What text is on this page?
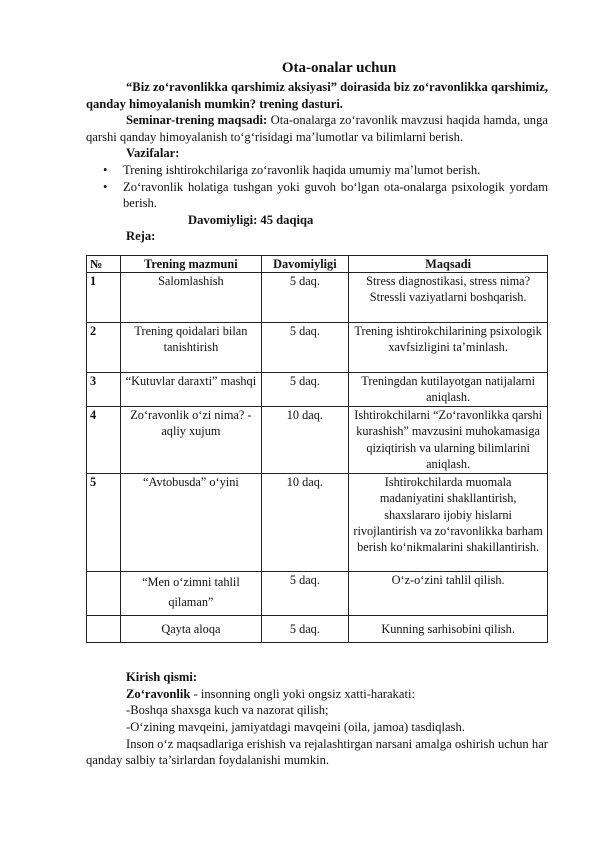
Ota-onalar uchun

“Biz zo‘ravonlikka qarshimiz aksiyasi” doirasida biz zo‘ravonlikka qarshimiz, qanday himoyalanish mumkin? trening dasturi.

Seminar-trening maqsadi: Ota-onalarga zo‘ravonlik mavzusi haqida hamda, unga qarshi qanday himoyalanish to‘g‘risidagi ma’lumotlar va bilimlarni berish.

Vazifalar:
• Trening ishtirokchilariga zo‘ravonlik haqida umumiy ma’lumot berish.
• Zo‘ravonlik holatiga tushgan yoki guvoh bo‘lgan ota-onalarga psixologik yordam berish.
Davomiyligi: 45 daqiqa
Reja:
№	Trening mazmuni	Davomiyligi	Maqsadi
1	Salomlashish	5 daq.	Stress diagnostikasi, stress nima? Stressli vaziyatlarni boshqarish.
2	Trening qoidalari bilan tanishtirish	5 daq.	Trening ishtirokchilarining psixologik xavfsizligini ta’minlash.
3	“Kutuvlar daraxti” mashqi	5 daq.	Treningdan kutilayotgan natijalarni aniqlash.
4	Zo‘ravonlik o‘zi nima? - aqliy xujum	10 daq.	Ishtirokchilarni “Zo‘ravonlikka qarshi kurashish” mavzusini muhokamasiga qiziqtirish va ularning bilimlarini aniqlash.
5	“Avtobusda” o‘yini	10 daq.	Ishtirokchilarda muomala madaniyatini shakllantirish, shaxslararo ijobiy hislarni rivojlantirish va zo‘ravonlikka barham berish ko‘nikmalarini shakillantirish.
	“Men o‘zimni tahlil qilaman”	5 daq.	O‘z-o‘zini tahlil qilish.
	Qayta aloqa	5 daq.	Kunning sarhisobini qilish.
Kirish qismi:
Zo‘ravonlik - insonning ongli yoki ongsiz xatti-harakati:
-Boshqa shaxsga kuch va nazorat qilish;
-O‘zining mavqeini, jamiyatdagi mavqeini (oila, jamoa) tasdiqlash.

Inson o‘z maqsadlariga erishish va rejalashtirgan narsani amalga oshirish uchun har qanday salbiy ta’sirlardan foydalanishi mumkin.
